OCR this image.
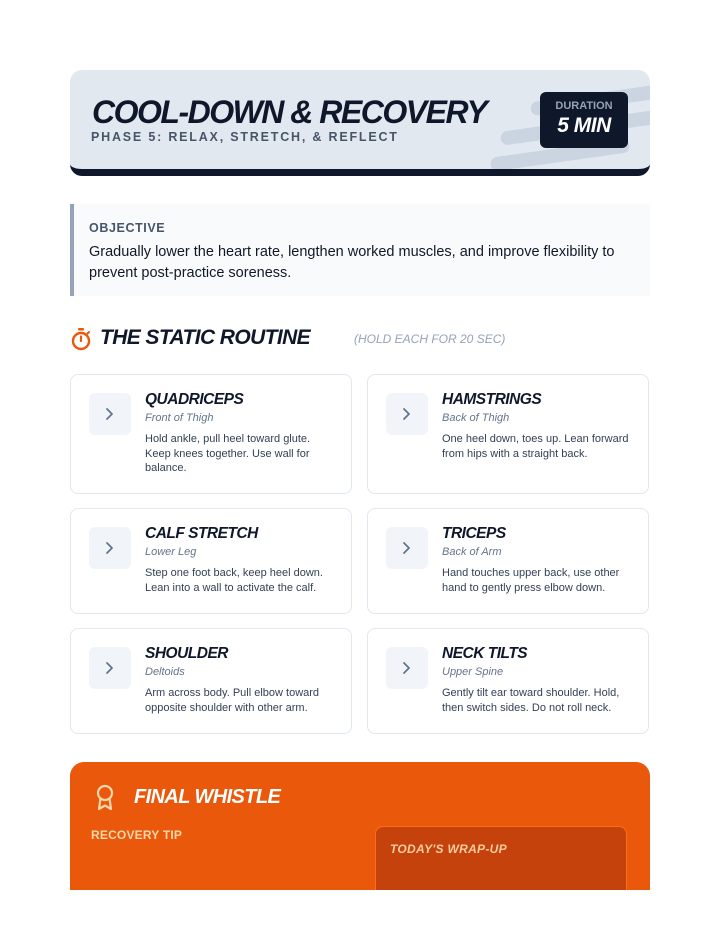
COOL-DOWN & RECOVERY
PHASE 5: RELAX, STRETCH, & REFLECT
DURATION
5 MIN
OBJECTIVE
Gradually lower the heart rate, lengthen worked muscles, and improve flexibility to prevent post-practice soreness.
THE STATIC ROUTINE	(HOLD EACH FOR 20 SEC)
QUADRICEPS
Front of Thigh
Hold ankle, pull heel toward glute. Keep knees together. Use wall for balance.
HAMSTRINGS
Back of Thigh
One heel down, toes up. Lean forward from hips with a straight back.
CALF STRETCH
Lower Leg
Step one foot back, keep heel down. Lean into a wall to activate the calf.
TRICEPS
Back of Arm
Hand touches upper back, use other hand to gently press elbow down.
SHOULDER
Deltoids
Arm across body. Pull elbow toward opposite shoulder with other arm.
NECK TILTS
Upper Spine
Gently tilt ear toward shoulder. Hold, then switch sides. Do not roll neck.
FINAL WHISTLE
RECOVERY TIP
TODAY'S WRAP-UP
